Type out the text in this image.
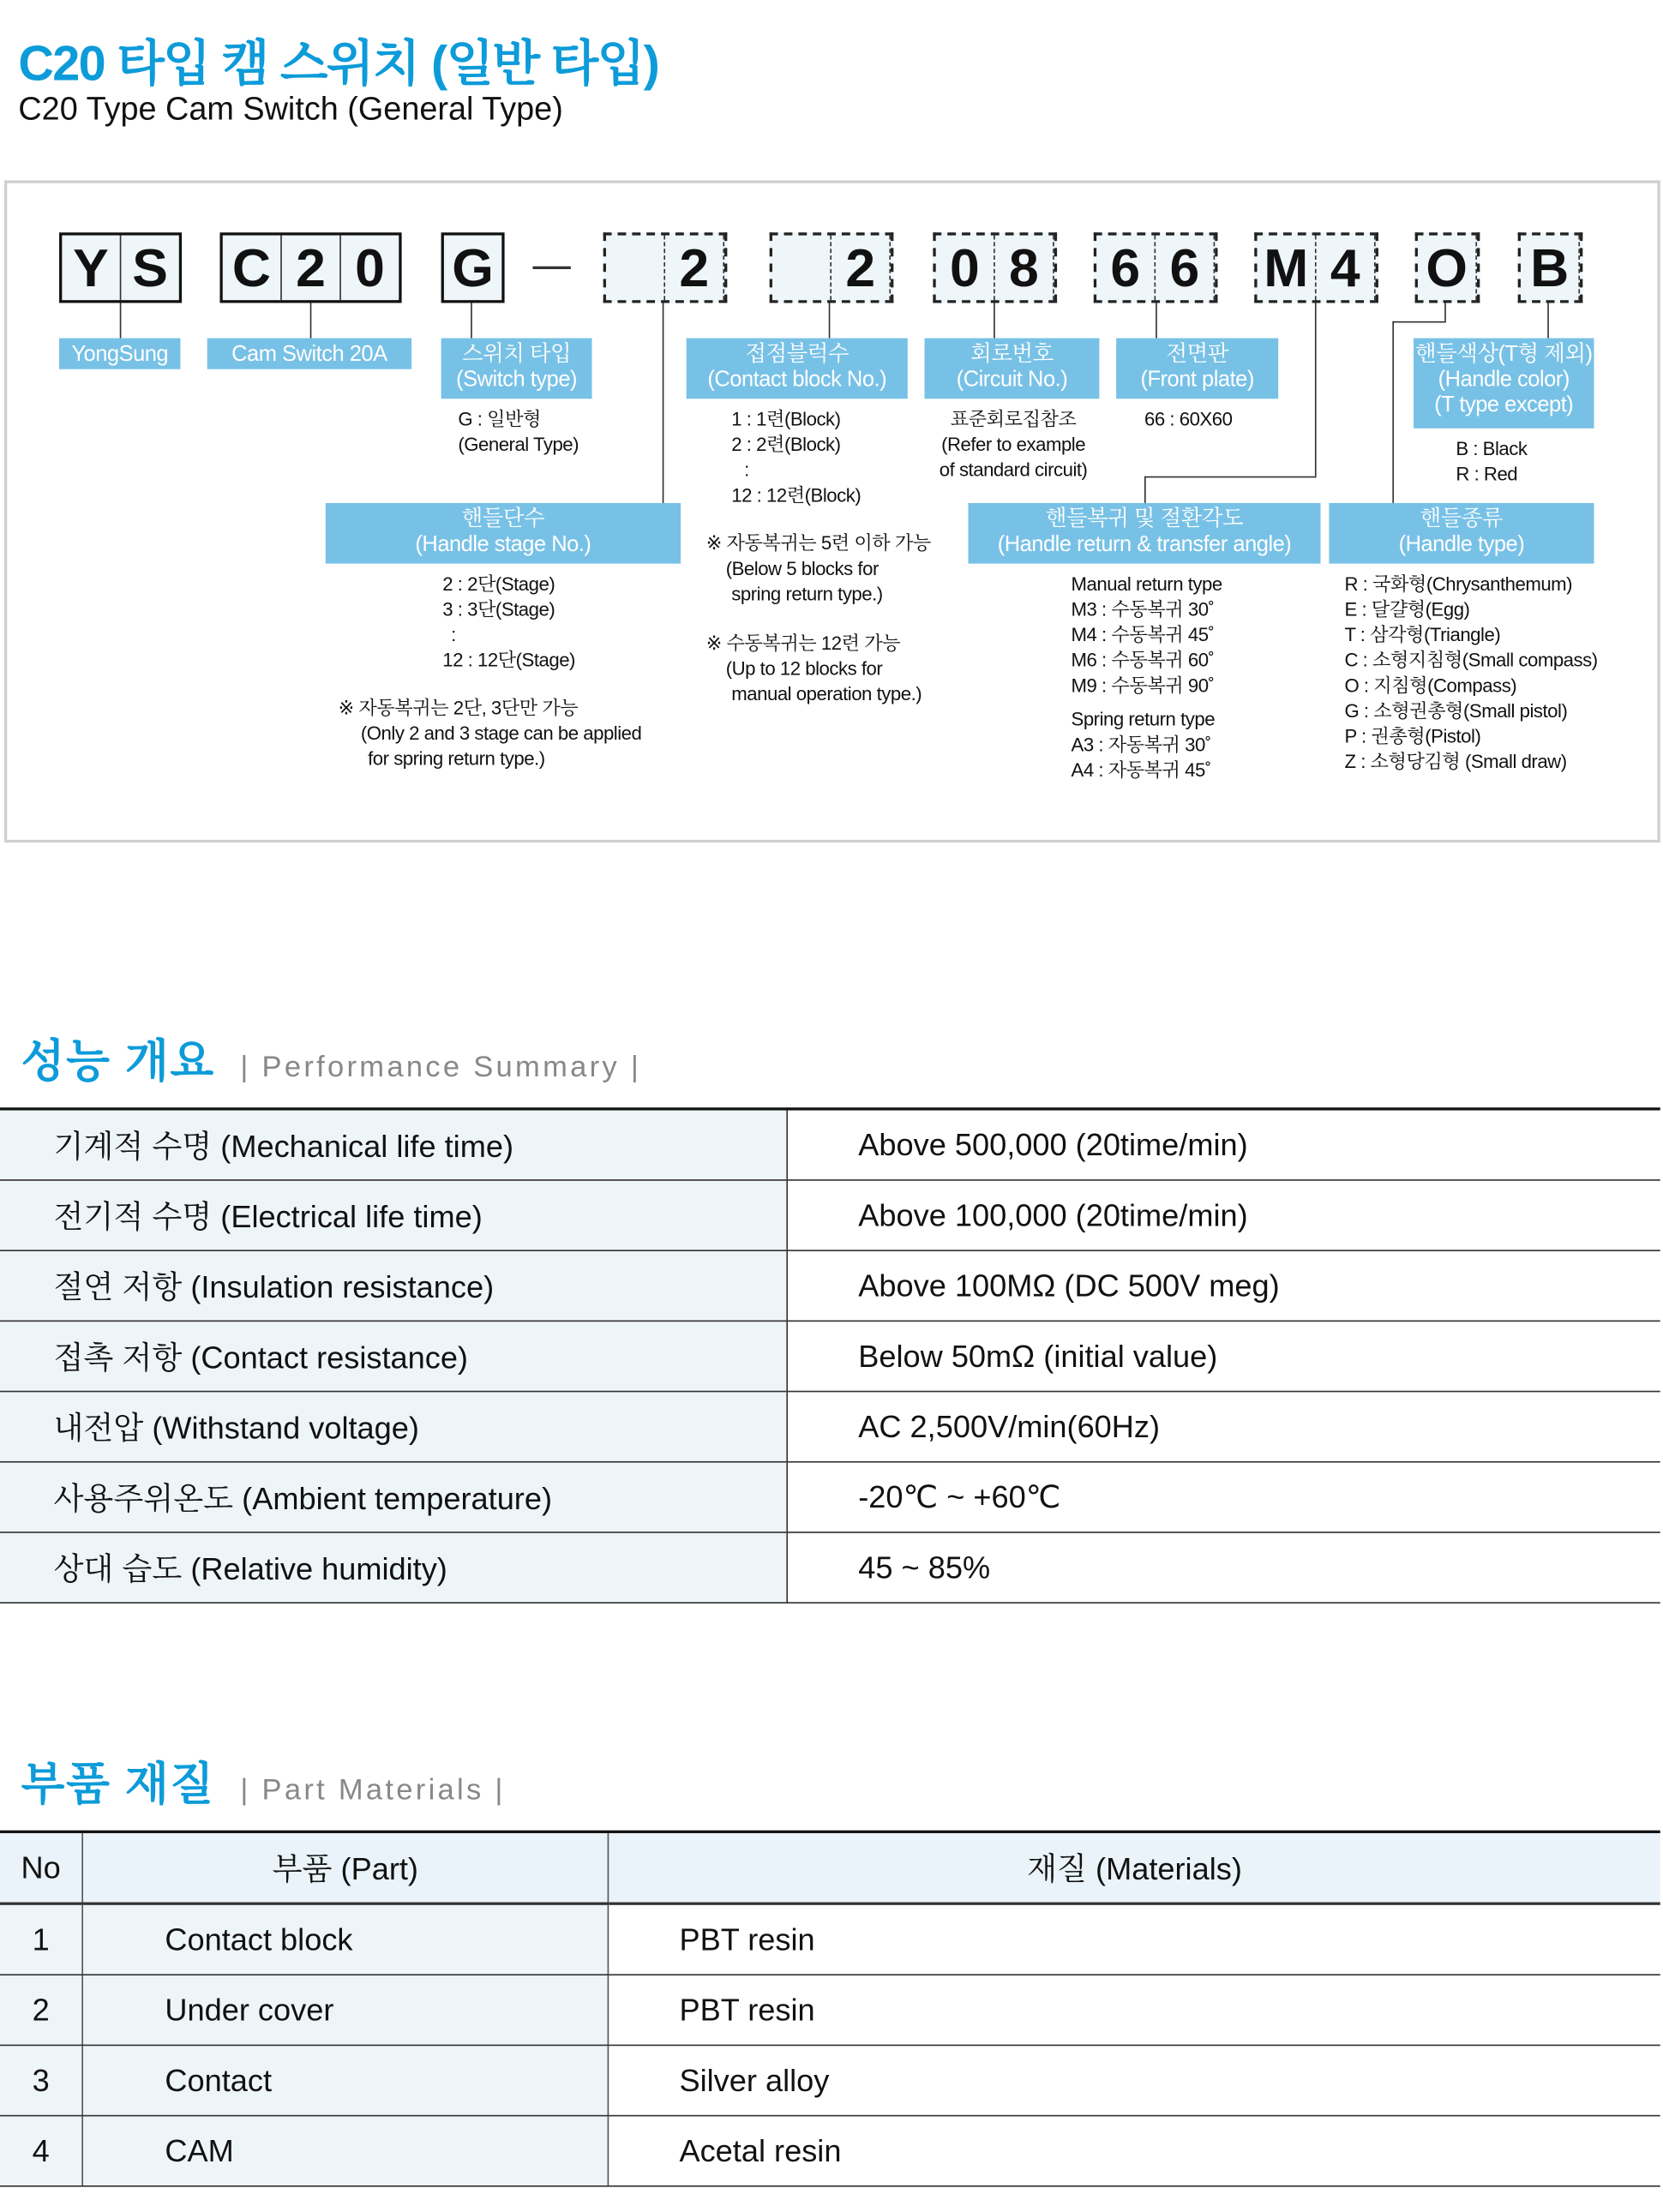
C20 타입 캠 스위치 (일반 타입)
C20 Type Cam Switch (General Type)
Y S	C 2 0	G	2	2	0 8	6 6	M 4	O B
YongSung	Cam Switch 20A	스위치 타입
(Switch type)
접점블럭수
(Contact block No.)
회로번호
(Circuit No.)
전면판
(Front plate)
핸들색상(T형 제외)
(Handle color)
(T type except)
핸들단수
(Handle stage No.)
핸들복귀 및 절환각도
(Handle return & transfer angle)
핸들종류
(Handle type)
G : 일반형
(General Type)
1 : 1련(Block)
2 : 2련(Block)
:
12 : 12련(Block)
※ 자동복귀는 5련 이하 가능
(Below 5 blocks for
spring return type.)
※ 수동복귀는 12련 가능
(Up to 12 blocks for
manual operation type.)
표준회로집참조
(Refer to example
of standard circuit)
66 : 60X60
B : Black
R : Red
2 : 2단(Stage)
3 : 3단(Stage)
:
12 : 12단(Stage)
※ 자동복귀는 2단, 3단만 가능
(Only 2 and 3 stage can be applied
for spring return type.)
Manual return type
M3 : 수동복귀 30˚
M4 : 수동복귀 45˚
M6 : 수동복귀 60˚
M9 : 수동복귀 90˚
Spring return type
A3 : 자동복귀 30˚
A4 : 자동복귀 45˚
R : 국화형(Chrysanthemum)
E : 달걀형(Egg)
T : 삼각형(Triangle)
C : 소형지침형(Small compass)
O : 지침형(Compass)
G : 소형권총형(Small pistol)
P : 권총형(Pistol)
Z : 소형당김형 (Small draw)
성능 개요 | Performance Summary |
기계적 수명 (Mechanical life time)	Above 500,000 (20time/min)
전기적 수명 (Electrical life time)	Above 100,000 (20time/min)
절연 저항 (Insulation resistance)	Above 100MΩ (DC 500V meg)
접촉 저항 (Contact resistance)	Below 50mΩ (initial value)
내전압 (Withstand voltage)	AC 2,500V/min(60Hz)
사용주위온도 (Ambient temperature)	-20℃ ~ +60℃
상대 습도 (Relative humidity)	45 ~ 85%
부품 재질 | Part Materials |
No	부품 (Part)	재질 (Materials)
1	Contact block	PBT resin
2	Under cover	PBT resin
3	Contact	Silver alloy
4	CAM	Acetal resin
